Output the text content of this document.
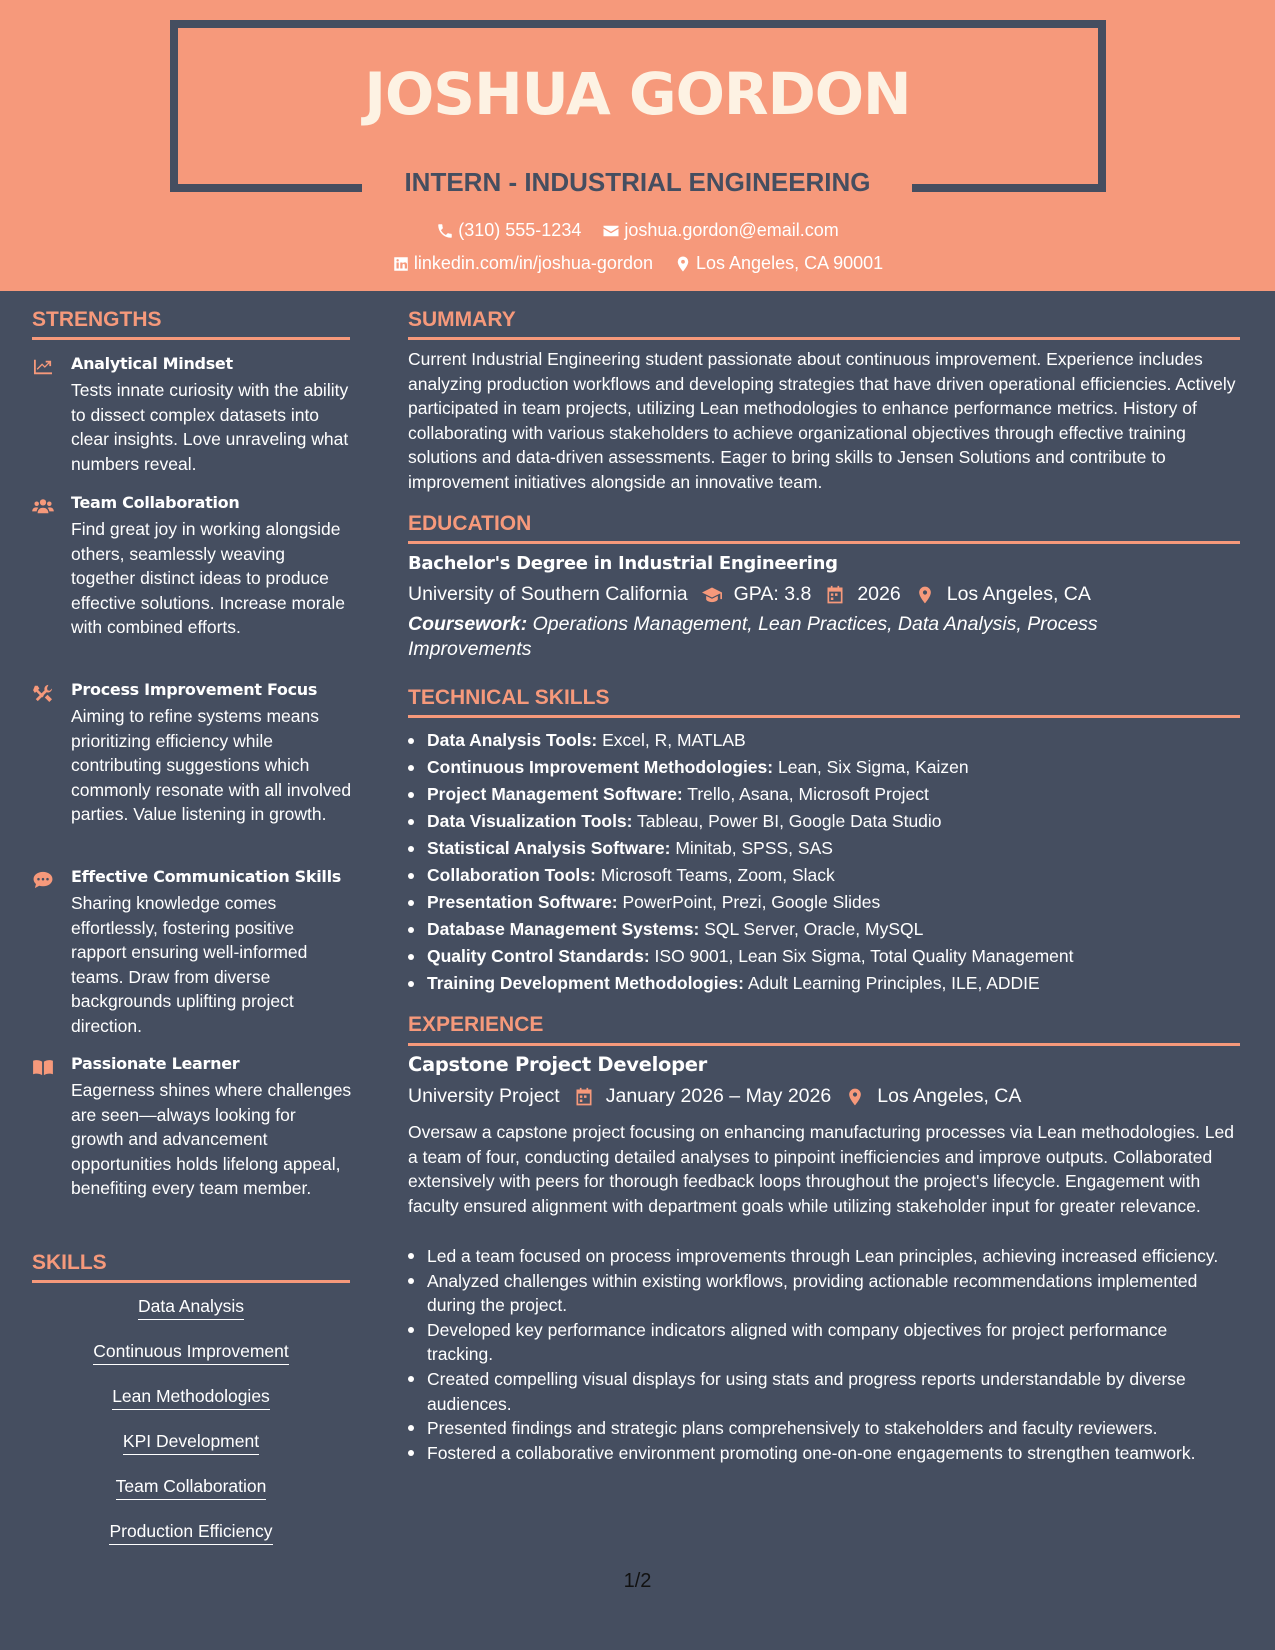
JOSHUA GORDON
INTERN - INDUSTRIAL ENGINEERING
(310) 555-1234
joshua.gordon@email.com
linkedin.com/in/joshua-gordon
Los Angeles, CA 90001
STRENGTHS
Analytical Mindset
Tests innate curiosity with the ability to dissect complex datasets into clear insights. Love unraveling what numbers reveal.
Team Collaboration
Find great joy in working alongside others, seamlessly weaving together distinct ideas to produce effective solutions. Increase morale with combined efforts.
Process Improvement Focus
Aiming to refine systems means prioritizing efficiency while contributing suggestions which commonly resonate with all involved parties. Value listening in growth.
Effective Communication Skills
Sharing knowledge comes effortlessly, fostering positive rapport ensuring well-informed teams. Draw from diverse backgrounds uplifting project direction.
Passionate Learner
Eagerness shines where challenges are seen—always looking for growth and advancement opportunities holds lifelong appeal, benefiting every team member.
SKILLS
Data Analysis
Continuous Improvement
Lean Methodologies
KPI Development
Team Collaboration
Production Efficiency
SUMMARY
Current Industrial Engineering student passionate about continuous improvement. Experience includes analyzing production workflows and developing strategies that have driven operational efficiencies. Actively participated in team projects, utilizing Lean methodologies to enhance performance metrics. History of collaborating with various stakeholders to achieve organizational objectives through effective training solutions and data-driven assessments. Eager to bring skills to Jensen Solutions and contribute to improvement initiatives alongside an innovative team.
EDUCATION
Bachelor's Degree in Industrial Engineering
University of Southern California GPA: 3.8 2026 Los Angeles, CA
Coursework: Operations Management, Lean Practices, Data Analysis, Process Improvements
TECHNICAL SKILLS
Data Analysis Tools: Excel, R, MATLAB
Continuous Improvement Methodologies: Lean, Six Sigma, Kaizen
Project Management Software: Trello, Asana, Microsoft Project
Data Visualization Tools: Tableau, Power BI, Google Data Studio
Statistical Analysis Software: Minitab, SPSS, SAS
Collaboration Tools: Microsoft Teams, Zoom, Slack
Presentation Software: PowerPoint, Prezi, Google Slides
Database Management Systems: SQL Server, Oracle, MySQL
Quality Control Standards: ISO 9001, Lean Six Sigma, Total Quality Management
Training Development Methodologies: Adult Learning Principles, ILE, ADDIE
EXPERIENCE
Capstone Project Developer
University Project January 2026 – May 2026 Los Angeles, CA
Oversaw a capstone project focusing on enhancing manufacturing processes via Lean methodologies. Led a team of four, conducting detailed analyses to pinpoint inefficiencies and improve outputs. Collaborated extensively with peers for thorough feedback loops throughout the project's lifecycle. Engagement with faculty ensured alignment with department goals while utilizing stakeholder input for greater relevance.
Led a team focused on process improvements through Lean principles, achieving increased efficiency.
Analyzed challenges within existing workflows, providing actionable recommendations implemented during the project.
Developed key performance indicators aligned with company objectives for project performance tracking.
Created compelling visual displays for using stats and progress reports understandable by diverse audiences.
Presented findings and strategic plans comprehensively to stakeholders and faculty reviewers.
Fostered a collaborative environment promoting one-on-one engagements to strengthen teamwork.
1/2
